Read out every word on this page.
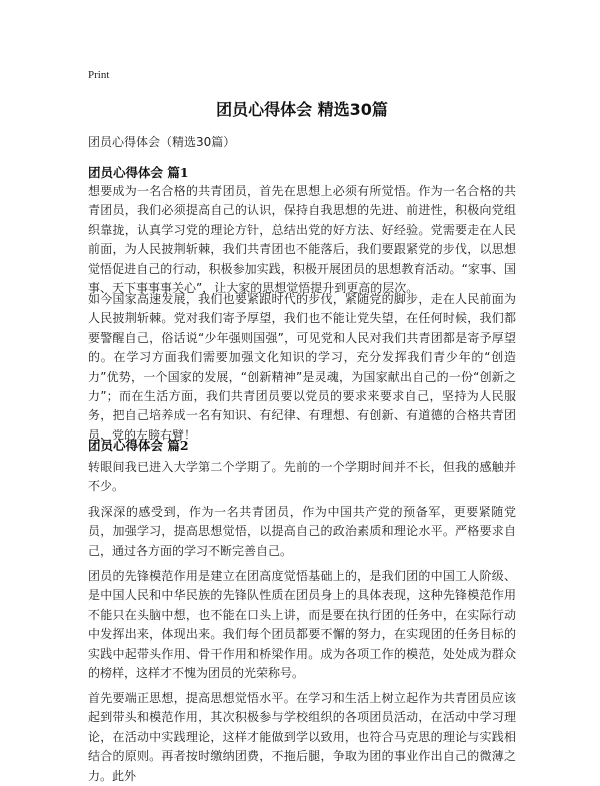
Print
团员心得体会 精选30篇
团员心得体会（精选30篇）
团员心得体会 篇1

想要成为一名合格的共青团员，首先在思想上必须有所觉悟。作为一名合格的共青团员，我们必须提高自己的认识，保持自我思想的先进、前进性，积极向党组织靠拢，认真学习党的理论方针，总结出党的好方法、好经验。党需要走在人民前面，为人民披荆斩棘，我们共青团也不能落后，我们要跟紧党的步伐，以思想觉悟促进自己的行动，积极参加实践，积极开展团员的思想教育活动。“家事、国事、天下事事事关心”，让大家的思想觉悟提升到更高的层次。

如今国家高速发展，我们也要紧跟时代的步伐，紧随党的脚步，走在人民前面为人民披荆斩棘。党对我们寄予厚望，我们也不能让党失望，在任何时候，我们都要警醒自己，俗话说“少年强则国强”，可见党和人民对我们共青团都是寄予厚望的。在学习方面我们需要加强文化知识的学习，充分发挥我们青少年的“创造力”优势，一个国家的发展，“创新精神”是灵魂，为国家献出自己的一份“创新之力”；而在生活方面，我们共青团员要以党员的要求来要求自己，坚持为人民服务，把自己培养成一名有知识、有纪律、有理想、有创新、有道德的合格共青团员，党的左膀右臂！

团员心得体会 篇2

转眼间我已进入大学第二个学期了。先前的一个学期时间并不长，但我的感触并不少。

我深深的感受到，作为一名共青团员，作为中国共产党的预备军，更要紧随党员，加强学习，提高思想觉悟，以提高自己的政治素质和理论水平。严格要求自己，通过各方面的学习不断完善自己。

团员的先锋模范作用是建立在团高度觉悟基础上的，是我们团的中国工人阶级、是中国人民和中华民族的先锋队性质在团员身上的具体表现，这种先锋模范作用不能只在头脑中想，也不能在口头上讲，而是要在执行团的任务中，在实际行动中发挥出来，体现出来。我们每个团员都要不懈的努力，在实现团的任务目标的实践中起带头作用、骨干作用和桥梁作用。成为各项工作的模范，处处成为群众的榜样，这样才不愧为团员的光荣称号。

首先要端正思想，提高思想觉悟水平。在学习和生活上树立起作为共青团员应该起到带头和模范作用，其次积极参与学校组织的各项团员活动，在活动中学习理论，在活动中实践理论，这样才能做到学以致用，也符合马克思的理论与实践相结合的原则。再者按时缴纳团费，不拖后腿，争取为团的事业作出自己的微薄之力。此外
